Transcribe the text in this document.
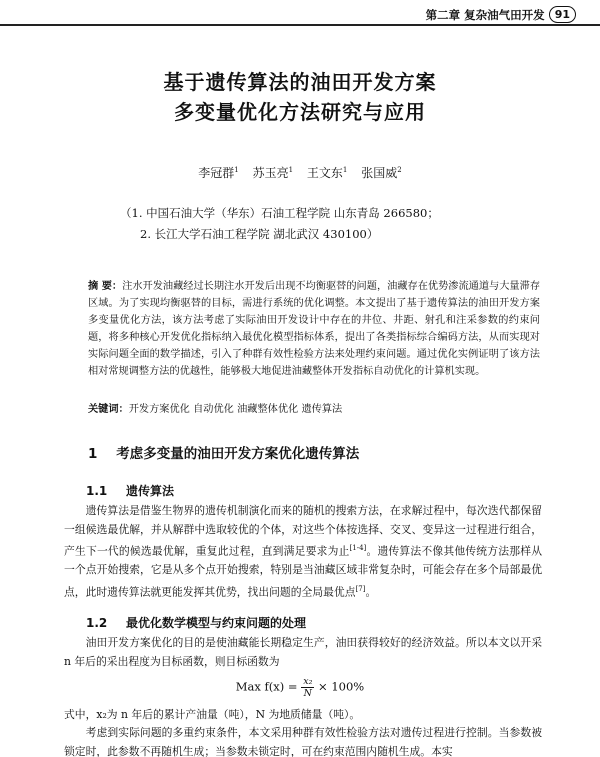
第二章 复杂油气田开发 91
基于遗传算法的油田开发方案
多变量优化方法研究与应用
李冠群$^1$ 苏玉亮$^1$ 王文东$^1$ 张国威$^2$
（1. 中国石油大学（华东）石油工程学院 山东青岛 266580；
2. 长江大学石油工程学院 湖北武汉 430100）
摘 要：注水开发油藏经过长期注水开发后出现不均衡驱替的问题，油藏存在优势渗流通道与大量滞存区域。为了实现均衡驱替的目标，需进行系统的优化调整。本文提出了基于遗传算法的油田开发方案多变量优化方法，该方法考虑了实际油田开发设计中存在的井位、井距、射孔和注采参数的约束问题，将多种核心开发优化指标纳入最优化模型指标体系，提出了各类指标综合编码方法，从而实现对实际问题全面的数学描述，引入了种群有效性检验方法来处理约束问题。通过优化实例证明了该方法相对常规调整方法的优越性，能够极大地促进油藏整体开发指标自动优化的计算机实现。
关键词：开发方案优化 自动优化 油藏整体优化 遗传算法
1 考虑多变量的油田开发方案优化遗传算法
1.1 遗传算法
遗传算法是借鉴生物界的遗传机制演化而来的随机的搜索方法，在求解过程中，每次迭代都保留一组候选最优解，并从解群中选取较优的个体，对这些个体按选择、交叉、变异这一过程进行组合，产生下一代的候选最优解，重复此过程，直到满足要求为止[1-4]。遗传算法不像其他传统方法那样从一个点开始搜索，它是从多个点开始搜索，特别是当油藏区域非常复杂时，可能会存在多个局部最优点，此时遗传算法就更能发挥其优势，找出问题的全局最优点[7]。
1.2 最优化数学模型与约束问题的处理
油田开发方案优化的目的是使油藏能长期稳定生产，油田获得较好的经济效益。所以本文以开采 n 年后的采出程度为目标函数，则目标函数为
Max $f(x) = \frac{\text{x₂}}{N} \times 100\%$
式中，x₂为 n 年后的累计产油量（吨），N 为地质储量（吨）。
考虑到实际问题的多重约束条件，本文采用种群有效性检验方法对遗传过程进行控制。当参数被锁定时，此参数不再随机生成；当参数未锁定时，可在约束范围内随机生成。本实
